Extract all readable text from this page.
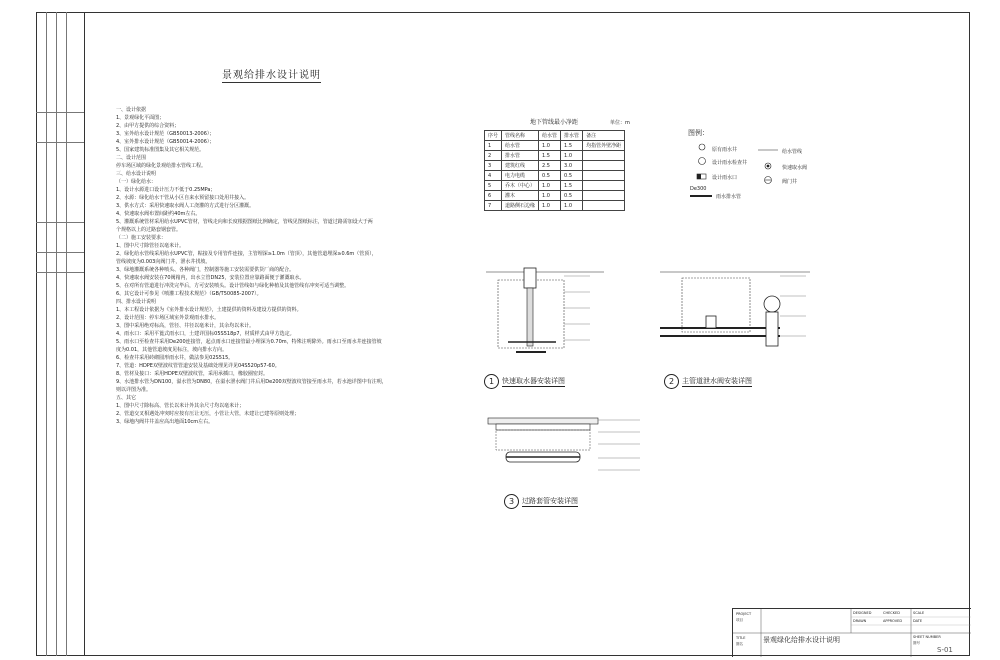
景观给排水设计说明
一、设计依据
1、景观绿化平面图；
2、由甲方提供的综合资料；
3、室外给水设计规范（GB50013-2006）；
4、室外排水设计规范（GB50014-2006）；
5、国家建筑标准图集及其它相关规范。
二、设计范围
停车场区域的绿化景观给排水管线工程。
三、给水设计说明
（一）绿化给水：
1、设计水源进口设计压力不低于0.25MPa；
2、水源：绿化给水干管从小区自来水预留接口处用井接入。
3、供水方式：采用快速取水阀人工浇灌的方式进行分区灌溉。
4、快速取水阀布置间距约40m左右。
5、灌溉系统管材采用给水UPVC管材，管线走向和长度根据图纸比例确定，管线见图纸标注，管道过路需加设大于两
个规格以上的过路套钢套管。
（二）施工安装要求：
1、图中尺寸除管径以毫米计。
2、绿化给水管线采用给水UPVC管，粘接及专用管件连接，主管埋深≥1.0m（管顶），其他管道埋深≥0.6m（管顶），
管线坡度为0.003向阀门井，泄水井找坡。
3、绿地灌溉系统各种喷头、各种阀门，控制器等施工安装需要供货厂商的配合。
4、快速取水阀安装在70阀箱内，出水立管DN25，安装位置应靠路面便于灌溉取水。
5、在对所有管道进行冲洗完毕后，方可安装喷头。设计管线如与绿化种植及其他管线有冲突可适当调整。
6、其它设计可参见《喷灌工程技术规范》（GB/T50085-2007）。
四、排水设计说明
1、本工程设计依据为《室外排水设计规范》，土建提供的资料及建设方提供的资料。
2、设计范围：停车场区域室外景观雨水排水。
3、图中采用绝对标高，管径、井径以毫米计，其余均以米计。
4、雨水口：采用平篦式雨水口，土建详国标05S518p7，材质样式由甲方选定。
5、雨水口至检查井采用De200连接管，起点雨水口连接管最小埋深为0.70m，特殊注明除外。雨水口至雨水井连接管坡
度为0.01，其他管道坡度见标注，坡向排水方向。
6、检查井采用砖砌圆形雨水井，做法参见02S515。
7、管道：HDPE双壁波纹管管道安装及基础处理见详见04S520p57-60。
8、管材及接口：采用HDPE双壁波纹管，采用承插口，橡胶圈密封。
9、水池排水管为DN100，溢水管为DN80，在溢水泄水阀门井后用De200双壁波纹管接至雨水井，若水池详图中有注明，
则以详图为准。
五、其它
1、图中尺寸除标高、管长以米计外其余尺寸均以毫米计；
2、管道交叉相遇处冲突时应按有压让无压，小管让大管，未建让已建等原则处理；
3、绿地内阀井井盖应高出地面10cm左右。
地下管线最小净距	单位：m
序号	管线名称	给水管	排水管	备注
1	给水管	1.0	1.5	均指管外壁净距
2	排水管	1.5	1.0	
3	建筑红线	2.5	3.0	
4	电力电缆	0.5	0.5	
5	乔木（中心）	1.0	1.5	
6	灌木	1.0	0.5	
7	道路侧石边缘	1.0	1.0	
图例：
原有雨水井
设计雨水检查井
设计雨水口
De300
雨水排水管
给水管线
快速取水阀
阀门井
1	快速取水器安装详图	2	主管道泄水阀安装详图
3	过路套管安装详图
PROJECT
项目
TITLE
图名
DESIGNED
DRAWN
CHECKED
APPROVED
SCALE
DATE
SHEET NUMBER
图号
景观绿化给排水设计说明
S-01
